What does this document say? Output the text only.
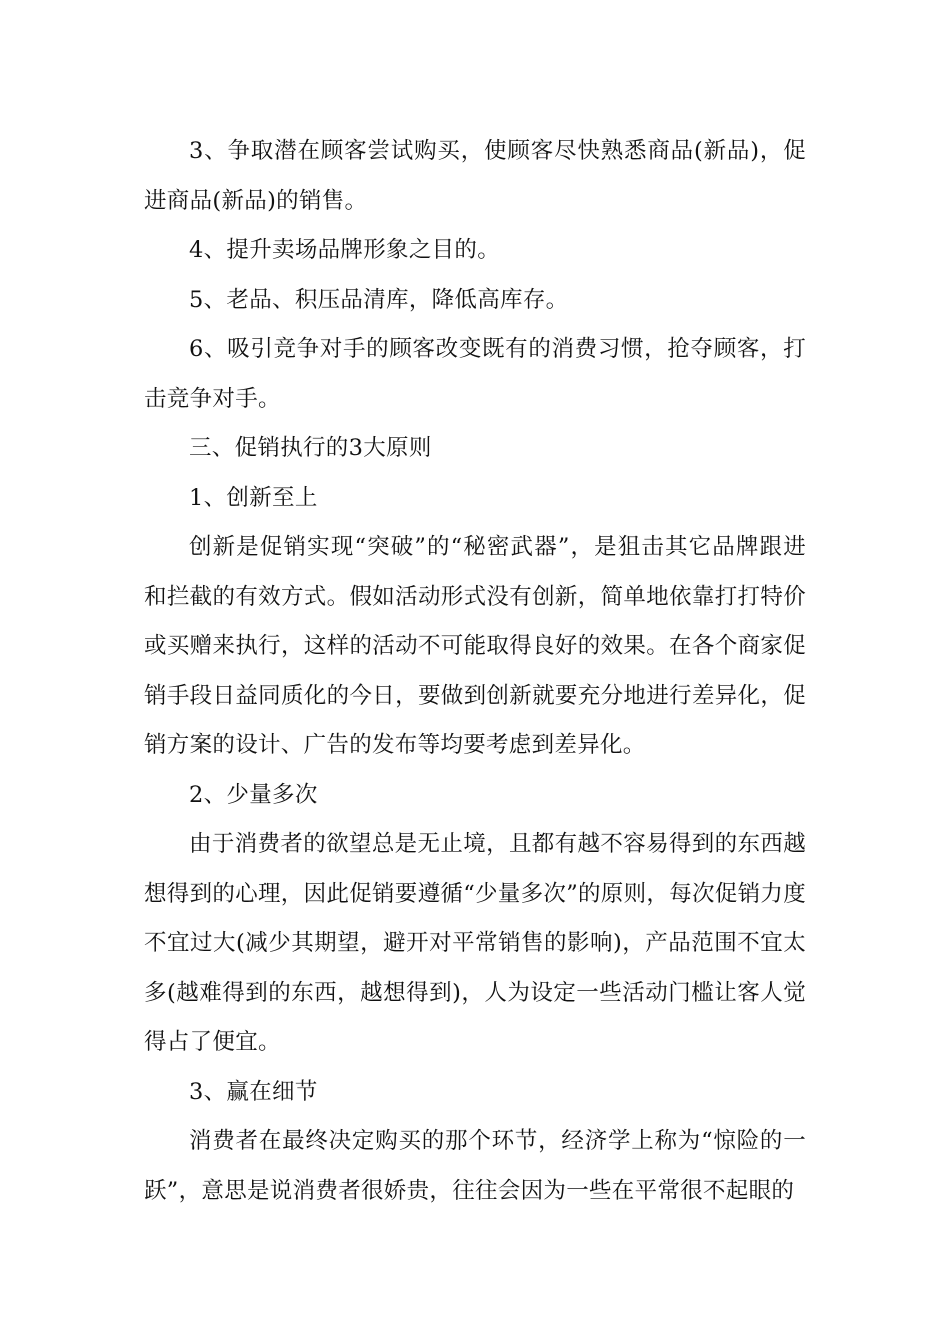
3、争取潜在顾客尝试购买，使顾客尽快熟悉商品(新品)，促进商品(新品)的销售。

4、提升卖场品牌形象之目的。

5、老品、积压品清库，降低高库存。

6、吸引竞争对手的顾客改变既有的消费习惯，抢夺顾客，打击竞争对手。

三、促销执行的3大原则

1、创新至上

创新是促销实现“突破”的“秘密武器”，是狙击其它品牌跟进和拦截的有效方式。假如活动形式没有创新，简单地依靠打打特价或买赠来执行，这样的活动不可能取得良好的效果。在各个商家促销手段日益同质化的今日，要做到创新就要充分地进行差异化，促销方案的设计、广告的发布等均要考虑到差异化。

2、少量多次

由于消费者的欲望总是无止境，且都有越不容易得到的东西越想得到的心理，因此促销要遵循“少量多次”的原则，每次促销力度不宜过大(减少其期望，避开对平常销售的影响)，产品范围不宜太多(越难得到的东西，越想得到)，人为设定一些活动门槛让客人觉得占了便宜。

3、赢在细节

消费者在最终决定购买的那个环节，经济学上称为“惊险的一跃”，意思是说消费者很娇贵，往往会因为一些在平常很不起眼的
